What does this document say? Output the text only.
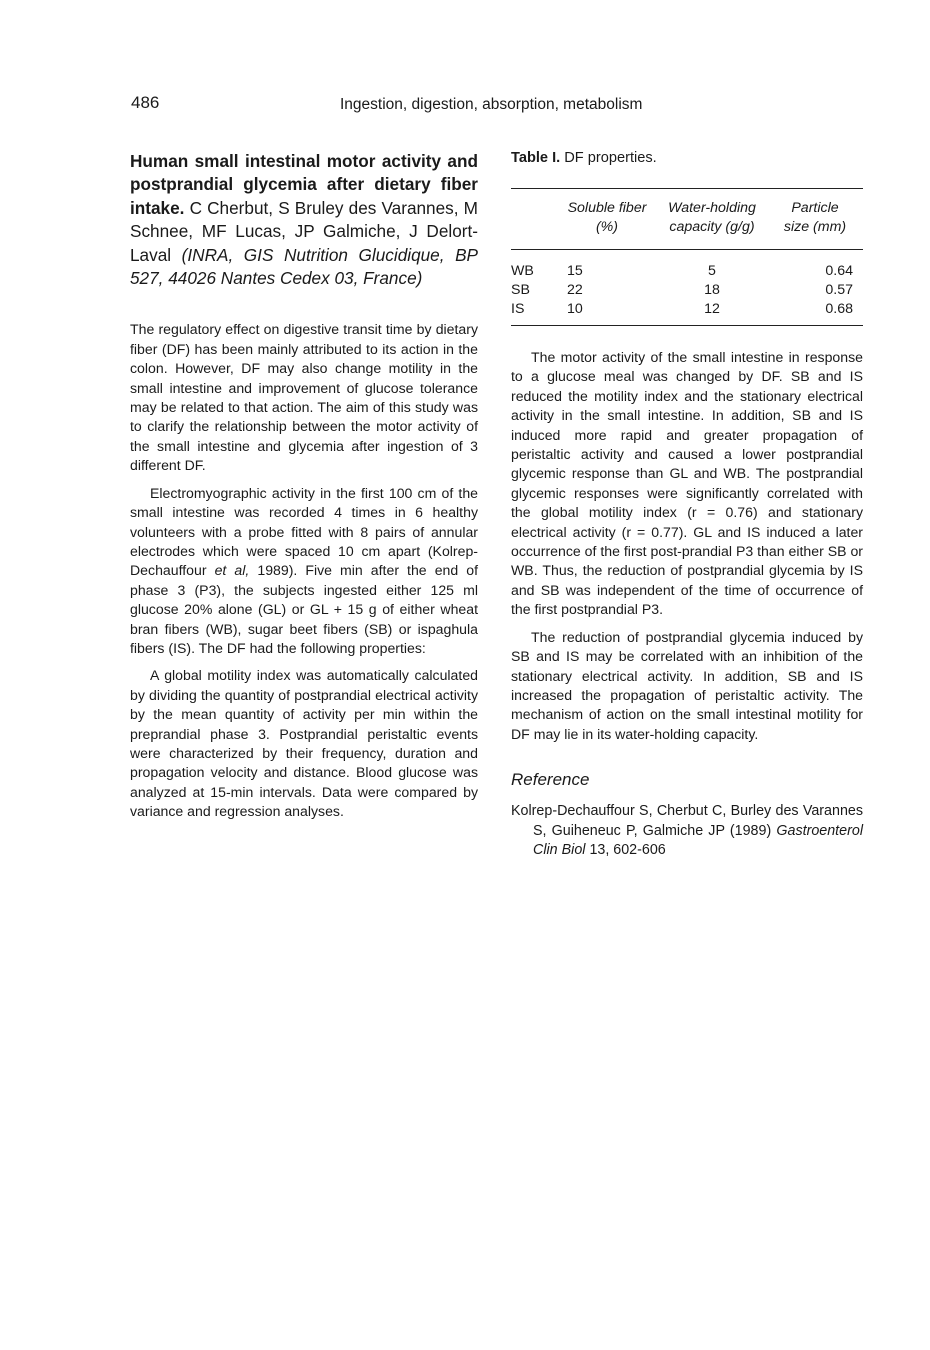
486	Ingestion, digestion, absorption, metabolism
Human small intestinal motor activity and postprandial glycemia after dietary fiber intake. C Cherbut, S Bruley des Varannes, M Schnee, MF Lucas, JP Galmiche, J Delort-Laval (INRA, GIS Nutrition Glucidique, BP 527, 44026 Nantes Cedex 03, France)

The regulatory effect on digestive transit time by dietary fiber (DF) has been mainly attributed to its action in the colon. However, DF may also change motility in the small intestine and improvement of glucose tolerance may be related to that action. The aim of this study was to clarify the relationship between the motor activity of the small intestine and glycemia after ingestion of 3 different DF.

Electromyographic activity in the first 100 cm of the small intestine was recorded 4 times in 6 healthy volunteers with a probe fitted with 8 pairs of annular electrodes which were spaced 10 cm apart (Kolrep-Dechauffour et al, 1989). Five min after the end of phase 3 (P3), the subjects ingested either 125 ml glucose 20% alone (GL) or GL + 15 g of either wheat bran fibers (WB), sugar beet fibers (SB) or ispaghula fibers (IS). The DF had the following properties:

A global motility index was automatically calculated by dividing the quantity of postprandial electrical activity by the mean quantity of activity per min within the preprandial phase 3. Postprandial peristaltic events were characterized by their frequency, duration and propagation velocity and distance. Blood glucose was analyzed at 15-min intervals. Data were compared by variance and regression analyses.

Table I. DF properties.
	Soluble fiber (%)	Water-holding capacity (g/g)	Particle size (mm)

WB	15	5	0.64
SB	22	18	0.57
IS	10	12	0.68

The motor activity of the small intestine in response to a glucose meal was changed by DF. SB and IS reduced the motility index and the stationary electrical activity in the small intestine. In addition, SB and IS induced more rapid and greater propagation of peristaltic activity and caused a lower postprandial glycemic response than GL and WB. The postprandial glycemic responses were significantly correlated with the global motility index (r = 0.76) and stationary electrical activity (r = 0.77). GL and IS induced a later occurrence of the first post-prandial P3 than either SB or WB. Thus, the reduction of postprandial glycemia by IS and SB was independent of the time of occurrence of the first postprandial P3.

The reduction of postprandial glycemia induced by SB and IS may be correlated with an inhibition of the stationary electrical activity. In addition, SB and IS increased the propagation of peristaltic activity. The mechanism of action on the small intestinal motility for DF may lie in its water-holding capacity.

Reference
Kolrep-Dechauffour S, Cherbut C, Burley des Varannes S, Guiheneuc P, Galmiche JP (1989) Gastroenterol Clin Biol 13, 602-606
